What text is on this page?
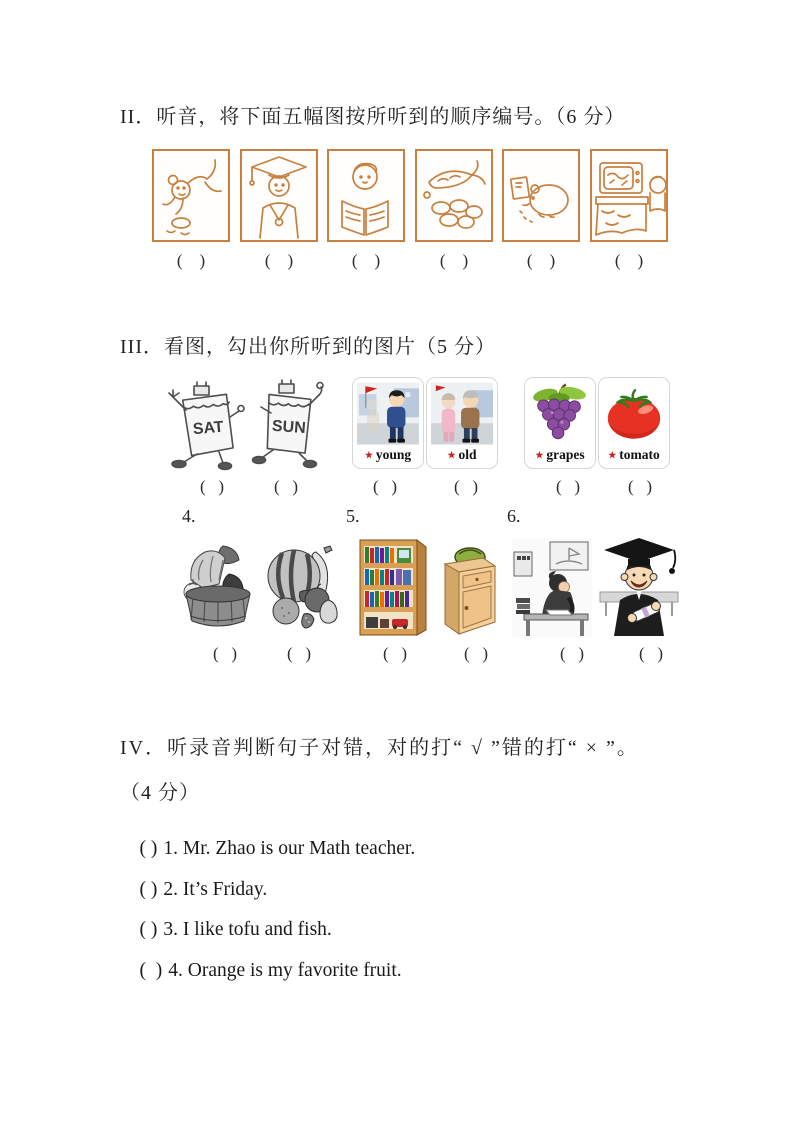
II．听音，将下面五幅图按所听到的顺序编号。（6 分）
(    )	(    )	(    )	(    )	(    )	(    )
III．看图，勾出你所听到的图片（5 分）
SAT	SUN
★ young	★ old	★ grapes	★ tomato
(   )	(   )	(   )	(   )	(   )	(   )
4.	5.	6.
(   )	(   )	(   )	(   )	(   )	(   )
IV．听录音判断句子对错，对的打“ √ ”错的打“ × ”。
（4 分）

( ) 1. Mr. Zhao is our Math teacher.

( ) 2. It’s Friday.

( ) 3. I like tofu and fish.

(  ) 4. Orange is my favorite fruit.
